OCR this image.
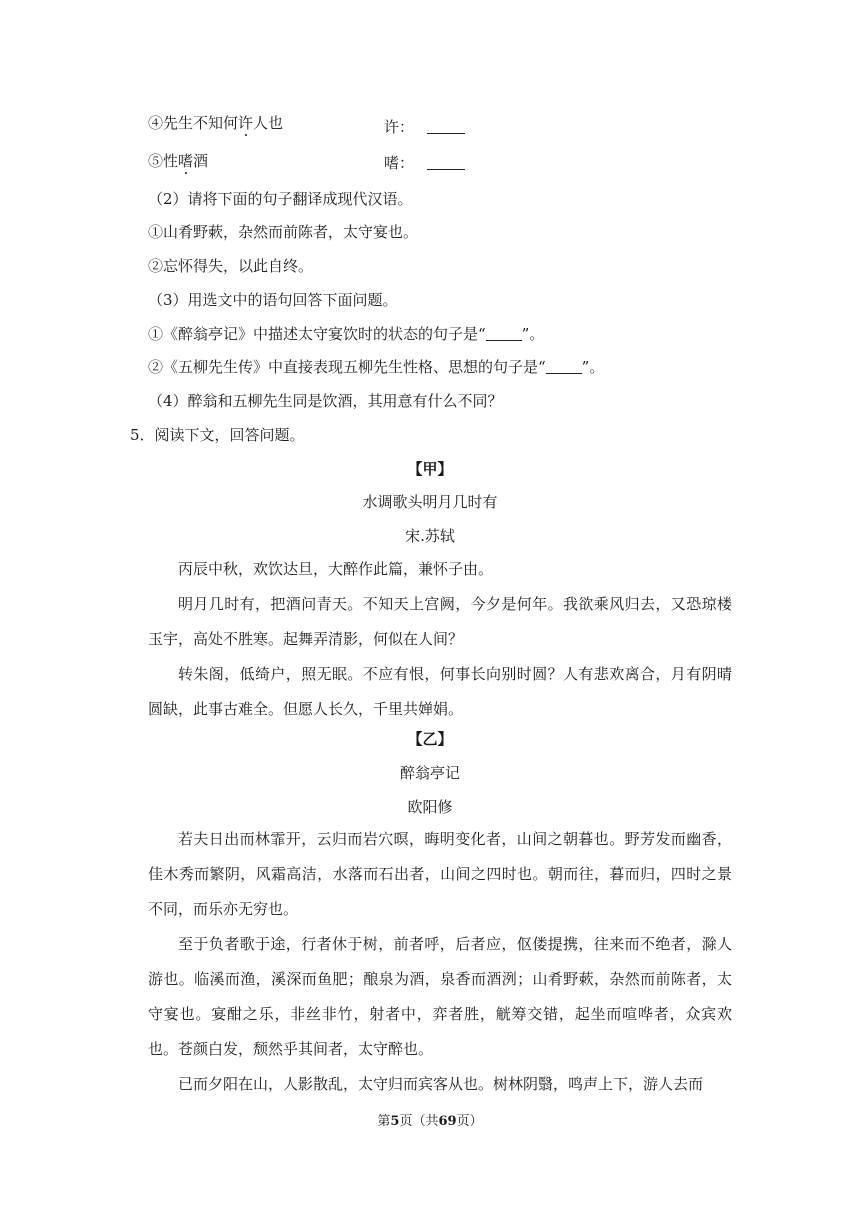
④先生不知何许人也	许：
⑤性嗜酒	嗜：
（2）请将下面的句子翻译成现代汉语。
①山肴野蔌，杂然而前陈者，太守宴也。
②忘怀得失，以此自终。
（3）用选文中的语句回答下面问题。
①《醉翁亭记》中描述太守宴饮时的状态的句子是“ ”。
②《五柳先生传》中直接表现五柳先生性格、思想的句子是“ ”。
（4）醉翁和五柳先生同是饮酒，其用意有什么不同？
5．阅读下文，回答问题。
【甲】
水调歌头明月几时有
宋.苏轼

丙辰中秋，欢饮达旦，大醉作此篇，兼怀子由。

明月几时有，把酒问青天。不知天上宫阙，今夕是何年。我欲乘风归去，又恐琼楼玉宇，高处不胜寒。起舞弄清影，何似在人间？

转朱阁，低绮户，照无眠。不应有恨，何事长向别时圆？人有悲欢离合，月有阴晴圆缺，此事古难全。但愿人长久，千里共婵娟。

【乙】
醉翁亭记
欧阳修

若夫日出而林霏开，云归而岩穴暝，晦明变化者，山间之朝暮也。野芳发而幽香，佳木秀而繁阴，风霜高洁，水落而石出者，山间之四时也。朝而往，暮而归，四时之景不同，而乐亦无穷也。

至于负者歌于途，行者休于树，前者呼，后者应，伛偻提携，往来而不绝者，滁人游也。临溪而渔，溪深而鱼肥；酿泉为酒，泉香而酒洌；山肴野蔌，杂然而前陈者，太守宴也。宴酣之乐，非丝非竹，射者中，弈者胜，觥筹交错，起坐而喧哗者，众宾欢也。苍颜白发，颓然乎其间者，太守醉也。

已而夕阳在山，人影散乱，太守归而宾客从也。树林阴翳，鸣声上下，游人去而

第5页（共69页）
